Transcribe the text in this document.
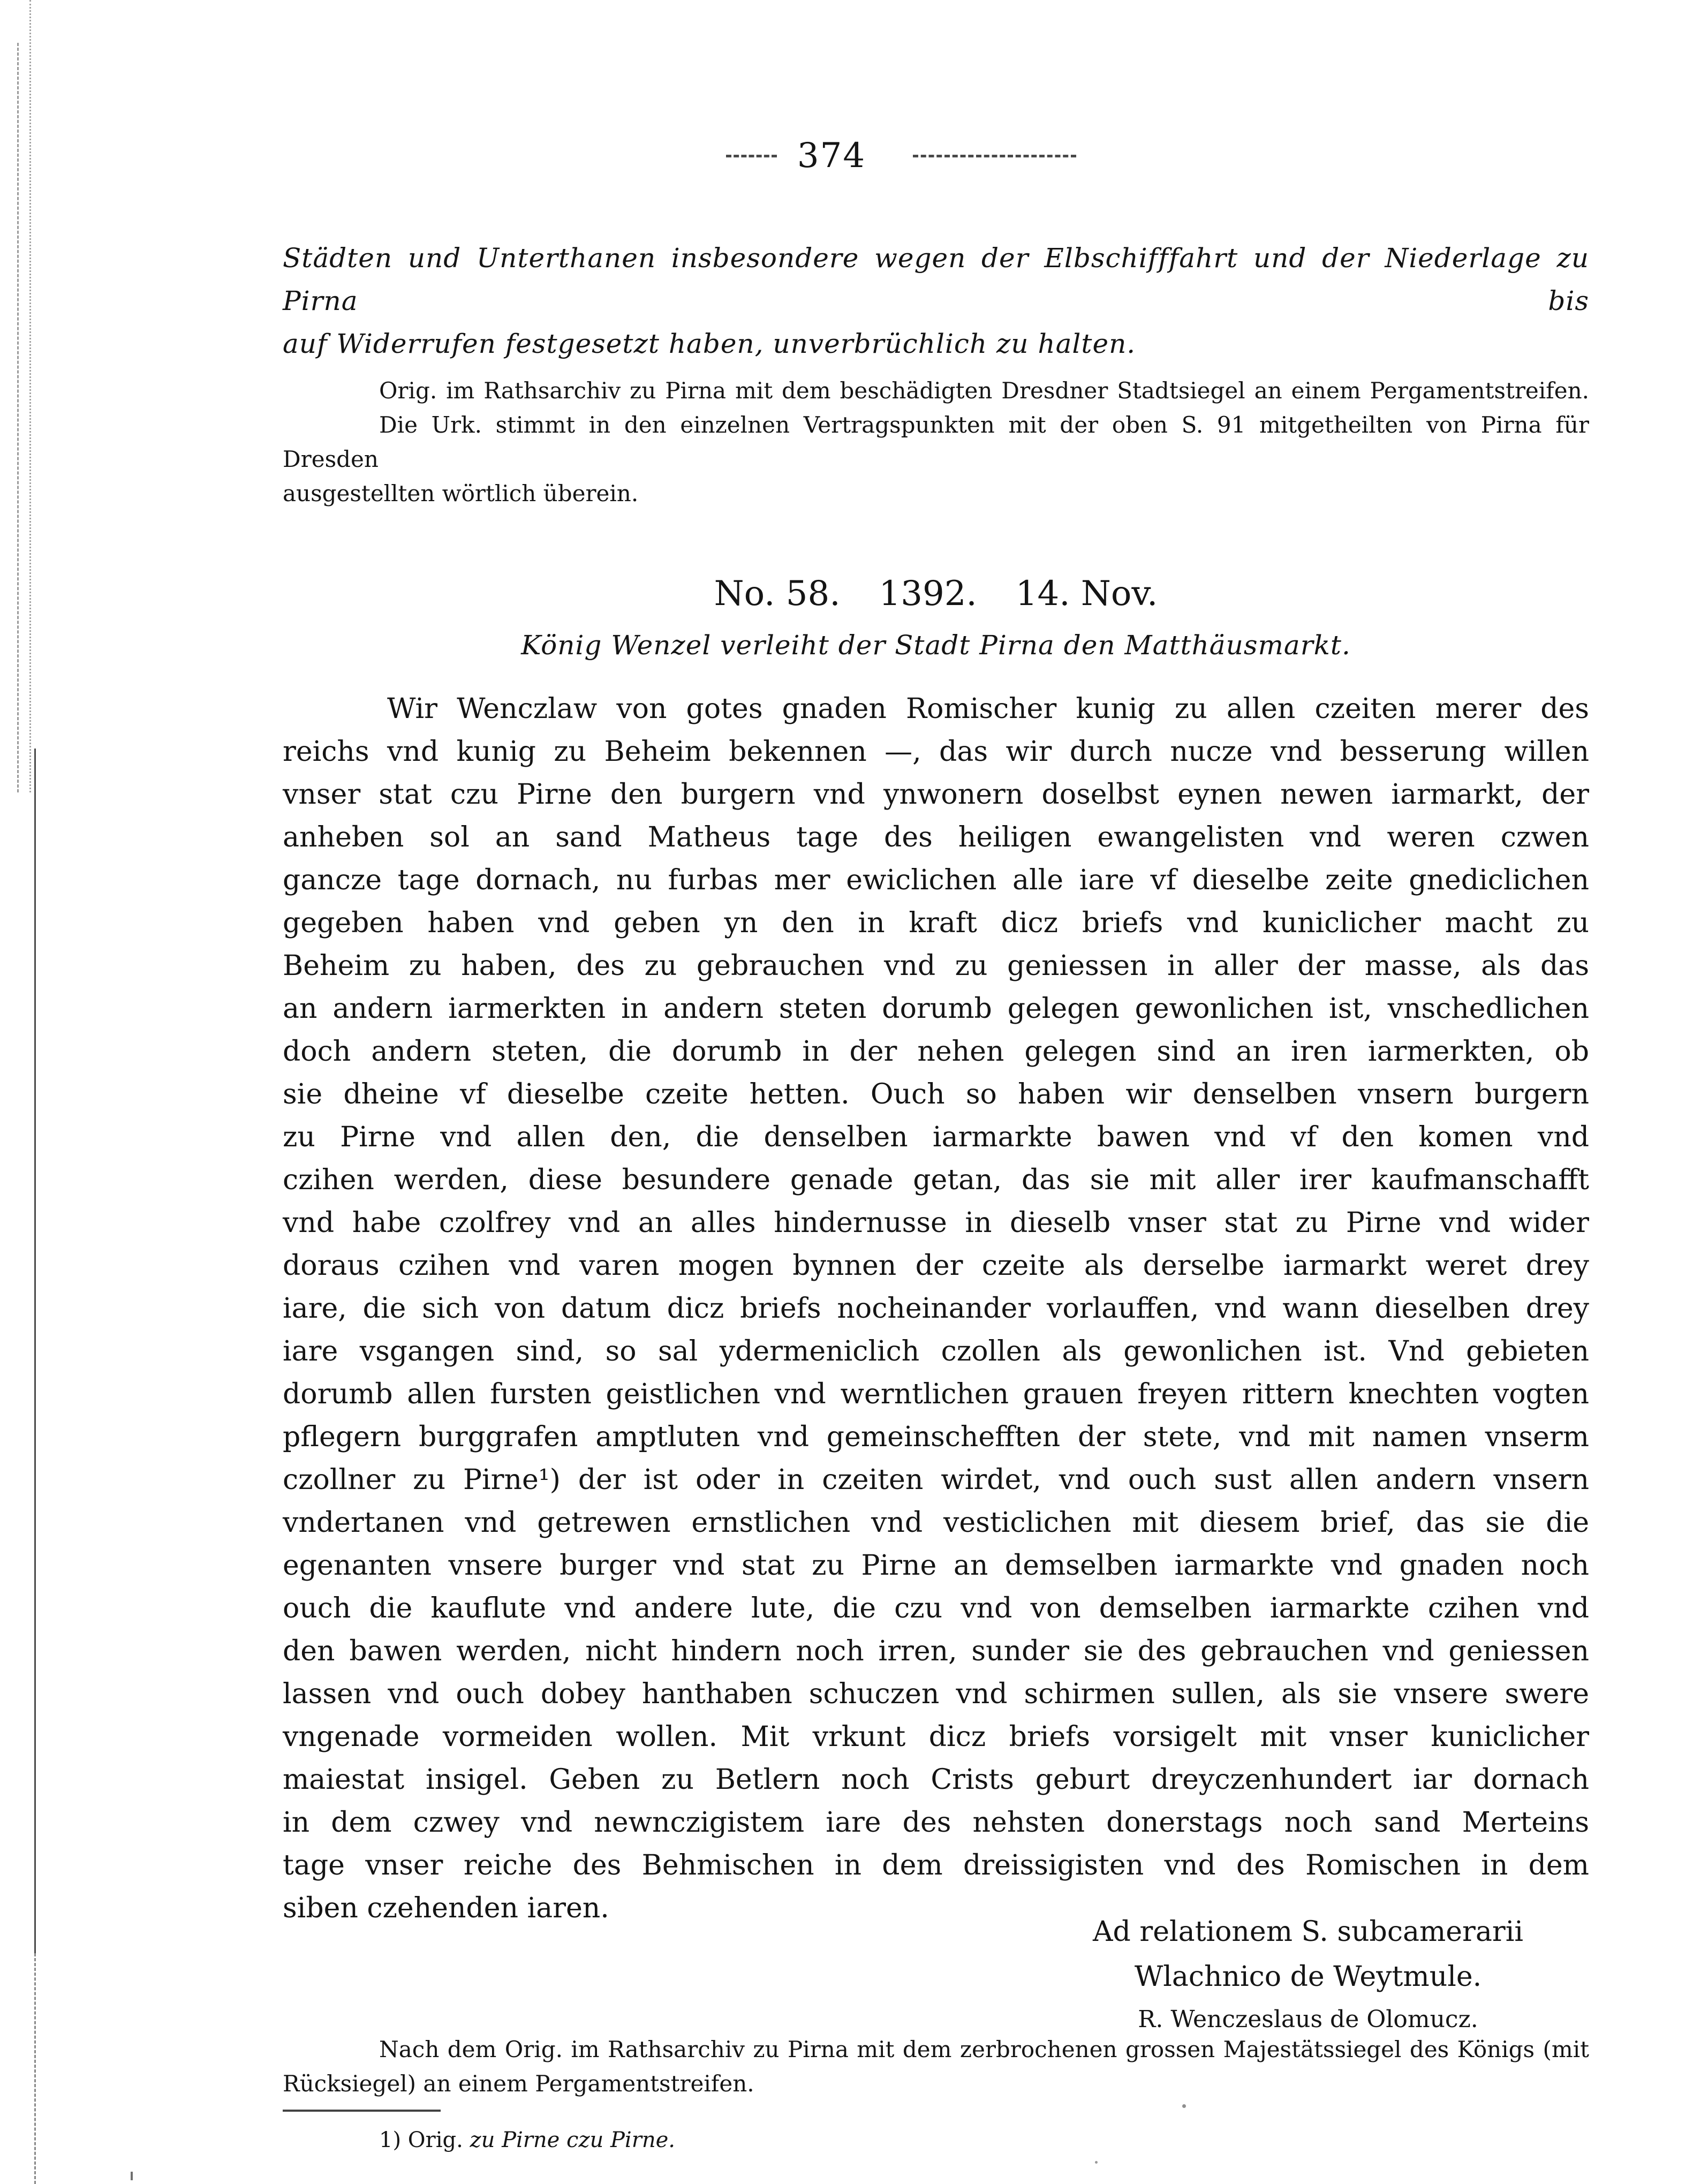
374
Städten und Unterthanen insbesondere wegen der Elbschifffahrt und der Niederlage zu Pirna bis
auf Widerrufen festgesetzt haben, unverbrüchlich zu halten.
Orig. im Rathsarchiv zu Pirna mit dem beschädigten Dresdner Stadtsiegel an einem Pergamentstreifen.
Die Urk. stimmt in den einzelnen Vertragspunkten mit der oben S. 91 mitgetheilten von Pirna für Dresden
ausgestellten wörtlich überein.
No. 58. 1392. 14. Nov.
König Wenzel verleiht der Stadt Pirna den Matthäusmarkt.
Wir Wenczlaw von gotes gnaden Romischer kunig zu allen czeiten merer des
reichs vnd kunig zu Beheim bekennen —, das wir durch nucze vnd besserung willen
vnser stat czu Pirne den burgern vnd ynwonern doselbst eynen newen iarmarkt, der
anheben sol an sand Matheus tage des heiligen ewangelisten vnd weren czwen
gancze tage dornach, nu furbas mer ewiclichen alle iare vf dieselbe zeite gnediclichen
gegeben haben vnd geben yn den in kraft dicz briefs vnd kuniclicher macht zu
Beheim zu haben, des zu gebrauchen vnd zu geniessen in aller der masse, als das
an andern iarmerkten in andern steten dorumb gelegen gewonlichen ist, vnschedlichen
doch andern steten, die dorumb in der nehen gelegen sind an iren iarmerkten, ob
sie dheine vf dieselbe czeite hetten. Ouch so haben wir denselben vnsern burgern
zu Pirne vnd allen den, die denselben iarmarkte bawen vnd vf den komen vnd
czihen werden, diese besundere genade getan, das sie mit aller irer kaufmanschafft
vnd habe czolfrey vnd an alles hindernusse in dieselb vnser stat zu Pirne vnd wider
doraus czihen vnd varen mogen bynnen der czeite als derselbe iarmarkt weret drey
iare, die sich von datum dicz briefs nocheinander vorlauffen, vnd wann dieselben drey
iare vsgangen sind, so sal ydermeniclich czollen als gewonlichen ist. Vnd gebieten
dorumb allen fursten geistlichen vnd werntlichen grauen freyen rittern knechten vogten
pflegern burggrafen amptluten vnd gemeinschefften der stete, vnd mit namen vnserm
czollner zu Pirne¹) der ist oder in czeiten wirdet, vnd ouch sust allen andern vnsern
vndertanen vnd getrewen ernstlichen vnd vesticlichen mit diesem brief, das sie die
egenanten vnsere burger vnd stat zu Pirne an demselben iarmarkte vnd gnaden noch
ouch die kauflute vnd andere lute, die czu vnd von demselben iarmarkte czihen vnd
den bawen werden, nicht hindern noch irren, sunder sie des gebrauchen vnd geniessen
lassen vnd ouch dobey hanthaben schuczen vnd schirmen sullen, als sie vnsere swere
vngenade vormeiden wollen. Mit vrkunt dicz briefs vorsigelt mit vnser kuniclicher
maiestat insigel. Geben zu Betlern noch Crists geburt dreyczenhundert iar dornach
in dem czwey vnd newnczigistem iare des nehsten donerstags noch sand Merteins
tage vnser reiche des Behmischen in dem dreissigisten vnd des Romischen in dem
siben czehenden iaren.
Ad relationem S. subcamerarii
Wlachnico de Weytmule.
R. Wenczeslaus de Olomucz.
Nach dem Orig. im Rathsarchiv zu Pirna mit dem zerbrochenen grossen Majestätssiegel des Königs (mit
Rücksiegel) an einem Pergamentstreifen.
1) Orig. zu Pirne czu Pirne.
